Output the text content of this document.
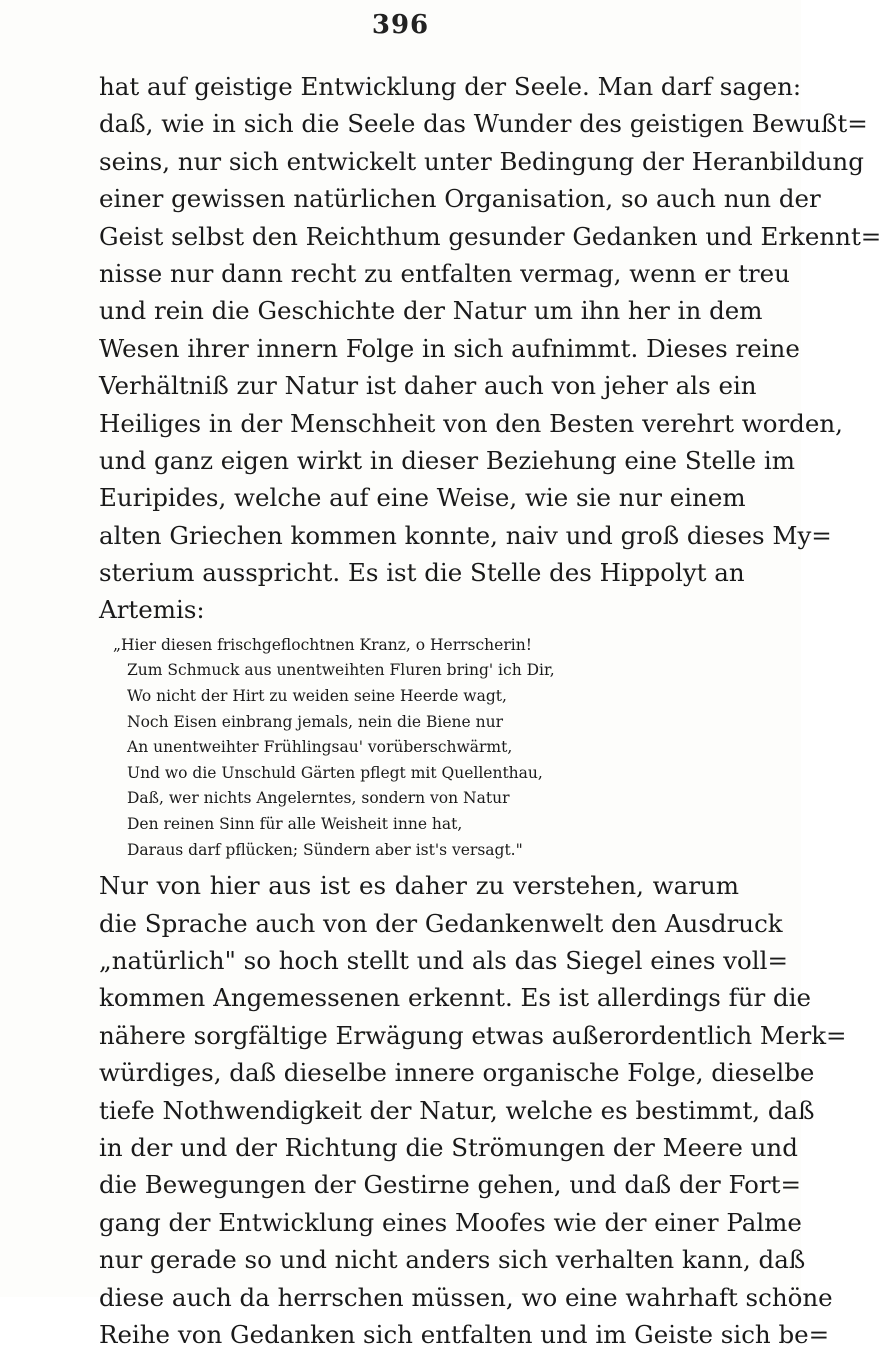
396
hat auf geistige Entwicklung der Seele. Man darf sagen:
daß, wie in sich die Seele das Wunder des geistigen Bewußt=
seins, nur sich entwickelt unter Bedingung der Heranbildung
einer gewissen natürlichen Organisation, so auch nun der
Geist selbst den Reichthum gesunder Gedanken und Erkennt=
nisse nur dann recht zu entfalten vermag, wenn er treu
und rein die Geschichte der Natur um ihn her in dem
Wesen ihrer innern Folge in sich aufnimmt. Dieses reine
Verhältniß zur Natur ist daher auch von jeher als ein
Heiliges in der Menschheit von den Besten verehrt worden,
und ganz eigen wirkt in dieser Beziehung eine Stelle im
Euripides, welche auf eine Weise, wie sie nur einem
alten Griechen kommen konnte, naiv und groß dieses My=
sterium ausspricht. Es ist die Stelle des Hippolyt an
Artemis:
„Hier diesen frischgeflochtnen Kranz, o Herrscherin!
Zum Schmuck aus unentweihten Fluren bring' ich Dir,
Wo nicht der Hirt zu weiden seine Heerde wagt,
Noch Eisen einbrang jemals, nein die Biene nur
An unentweihter Frühlingsau' vorüberschwärmt,
Und wo die Unschuld Gärten pflegt mit Quellenthau,
Daß, wer nichts Angelerntes, sondern von Natur
Den reinen Sinn für alle Weisheit inne hat,
Daraus darf pflücken; Sündern aber ist's versagt."
Nur von hier aus ist es daher zu verstehen, warum
die Sprache auch von der Gedankenwelt den Ausdruck
„natürlich" so hoch stellt und als das Siegel eines voll=
kommen Angemessenen erkennt. Es ist allerdings für die
nähere sorgfältige Erwägung etwas außerordentlich Merk=
würdiges, daß dieselbe innere organische Folge, dieselbe
tiefe Nothwendigkeit der Natur, welche es bestimmt, daß
in der und der Richtung die Strömungen der Meere und
die Bewegungen der Gestirne gehen, und daß der Fort=
gang der Entwicklung eines Moofes wie der einer Palme
nur gerade so und nicht anders sich verhalten kann, daß
diese auch da herrschen müssen, wo eine wahrhaft schöne
Reihe von Gedanken sich entfalten und im Geiste sich be=
